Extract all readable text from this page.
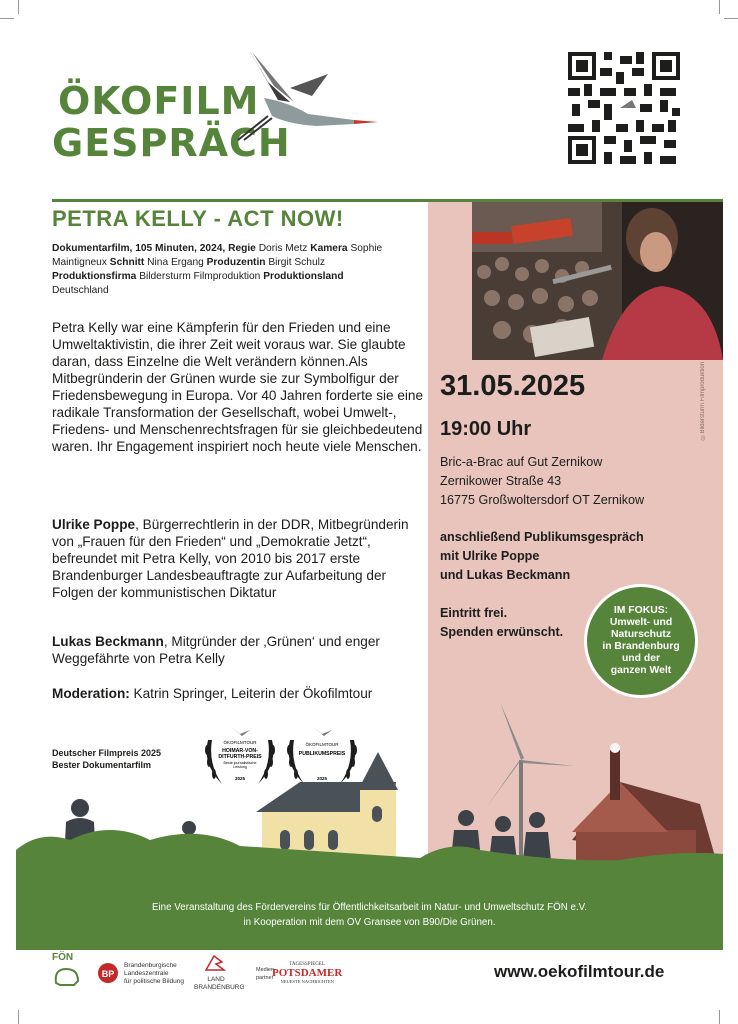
ÖKOFILM
GESPRÄCH
PETRA KELLY - ACT NOW!
Dokumentarfilm, 105 Minuten, 2024, Regie Doris Metz Kamera Sophie Maintigneux Schnitt Nina Ergang Produzentin Birgit Schulz
Produktionsfirma Bildersturm Filmproduktion Produktionsland
Deutschland
Petra Kelly war eine Kämpferin für den Frieden und eine Umweltaktivistin, die ihrer Zeit weit voraus war. Sie glaubte daran, dass Einzelne die Welt verändern können.Als Mitbegründerin der Grünen wurde sie zur Symbolfigur der Friedensbewegung in Europa. Vor 40 Jahren forderte sie eine radikale Transformation der Gesellschaft, wobei Umwelt-, Friedens- und Menschenrechtsfragen für sie gleichbedeutend waren. Ihr Engagement inspiriert noch heute viele Menschen.
Ulrike Poppe, Bürgerrechtlerin in der DDR, Mitbegründerin von „Frauen für den Frieden“ und „Demokratie Jetzt“, befreundet mit Petra Kelly, von 2010 bis 2017 erste Brandenburger Landesbeauftragte zur Aufarbeitung der Folgen der kommunistischen Diktatur
Lukas Beckmann, Mitgründer der ‚Grünen‘ und enger Weggefährte von Petra Kelly
Moderation: Katrin Springer, Leiterin der Ökofilmtour
Deutscher Filmpreis 2025
Bester Dokumentarfilm
ÖKOFILMTOUR
HOIMAR-VON-
DITFURTH-PREIS
Beste journalistische
Leistung
2025
ÖKOFILMTOUR
PUBLIKUMSPREIS
2025
©Bildersturm Filmproduktion
31.05.2025
19:00 Uhr
Bric-a-Brac auf Gut Zernikow
Zernikower Straße 43
16775 Großwoltersdorf OT Zernikow
anschließend Publikumsgespräch
mit Ulrike Poppe
und Lukas Beckmann
Eintritt frei.
Spenden erwünscht.
IM FOKUS:
Umwelt- und
Naturschutz
in Brandenburg
und der
ganzen Welt
Eine Veranstaltung des Fördervereins für Öffentlichkeitsarbeit im Natur- und Umweltschutz FÖN e.V.
in Kooperation mit dem OV Gransee von B90/Die Grünen.
FÖN
BP
Brandenburgische
Landeszentrale
für politische Bildung	LAND
BRANDENBURG
Medien-
partner
TAGESSPIEGEL
POTSDAMER
NEUESTE NACHRICHTEN
www.oekofilmtour.de
